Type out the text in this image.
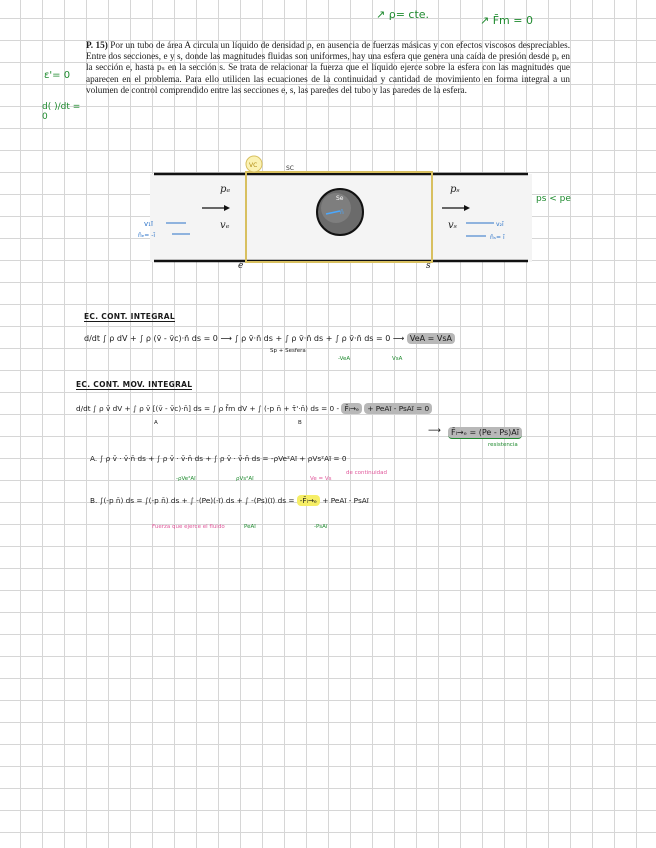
↗ ρ= cte.	↗ F̄m = 0
ε'= 0
d( )/dt = 0
P. 15) Por un tubo de área A circula un líquido de densidad ρ, en ausencia de fuerzas másicas y con efectos viscosos despreciables. Entre dos secciones, e y s, donde las magnitudes fluidas son uniformes, hay una esfera que genera una caída de presión desde pₑ en la sección e, hasta pₛ en la sección s. Se trata de relacionar la fuerza que el líquido ejerce sobre la esfera con las magnitudes que aparecen en el problema. Para ello utilicen las ecuaciones de la continuidad y cantidad de movimiento en forma integral a un volumen de control comprendido entre las secciones e, s, las paredes del tubo y las paredes de la esfera.
VC	SC
Se
n̄
pₑ	pₛ
vₑ	vₛ
v₁ī
n̄ₑ= -ī
v₂ī
n̄ₛ= ī
e	s
ps < pe
EC. CONT. INTEGRAL
d/dt ∫ ρ dV + ∫ ρ (v̄ - v̄c)·n̄ ds = 0 ⟶ ∫ ρ v̄·n̄ ds + ∫ ρ v̄·n̄ ds + ∫ ρ v̄·n̄ ds = 0 ⟶ VeA = VsA
Sp + Sesfera
-VeA	VsA
EC. CONT. MOV. INTEGRAL
d/dt ∫ ρ v̄ dV + ∫ ρ v̄ [(v̄ - v̄c)·n̄] ds = ∫ ρ f̄m dV + ∫ (-p n̄ + τ̄'·n̄) ds = 0 - F̄ₗ→ₑ + PeAī - PsAī = 0
A	B
⟶	F̄ₗ→ₑ = (Pe - Ps)Aī
resistencia
A. ∫ ρ v̄ · v̄·n̄ ds + ∫ ρ v̄ · v̄·n̄ ds + ∫ ρ v̄ · v̄·n̄ ds = -ρVe²Aī + ρVs²Aī = 0
-ρVe²Aī	ρVs²Aī	Ve = Vs
de continuidad
B. ∫(-p n̄) ds = ∫(-p n̄) ds + ∫ -(Pe)(-ī) ds + ∫ -(Ps)(ī) ds = -F̄ₗ→ₑ + PeAī - PsAī
Fuerza que ejerce el fluido	PeAī	-PsAī
